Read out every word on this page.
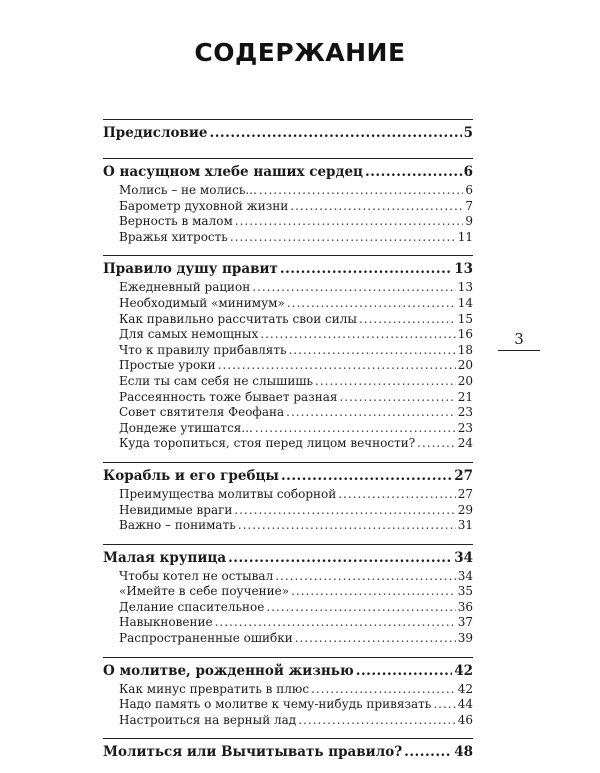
СОДЕРЖАНИЕ
Предисловие .....	5
О насущном хлебе наших сердец .....	6
Молись – не молись... .....	6
Барометр духовной жизни .....	7
Верность в малом .....	9
Вражья хитрость .....	11
Правило душу правит .....	13
Ежедневный рацион .....	13
Необходимый «минимум» .....	14
Как правильно рассчитать свои силы .....	15
Для самых немощных .....	16
Что к правилу прибавлять .....	18
Простые уроки .....	20
Если ты сам себя не слышишь .....	20
Рассеянность тоже бывает разная .....	21
Совет святителя Феофана .....	23
Дондеже утишатся... .....	23
Куда торопиться, стоя перед лицом вечности? .....	24
Корабль и его гребцы .....	27
Преимущества молитвы соборной .....	27
Невидимые враги .....	29
Важно – понимать .....	31
Малая крупица .....	34
Чтобы котел не остывал .....	34
«Имейте в себе поучение» .....	35
Делание спасительное .....	36
Навыкновение .....	37
Распространенные ошибки .....	39
О молитве, рожденной жизнью .....	42
Как минус превратить в плюс .....	42
Надо память о молитве к чему-нибудь привязать ..... 44
Настроиться на верный лад .....	46
Молиться или Вычитывать правило? .....	48
3
